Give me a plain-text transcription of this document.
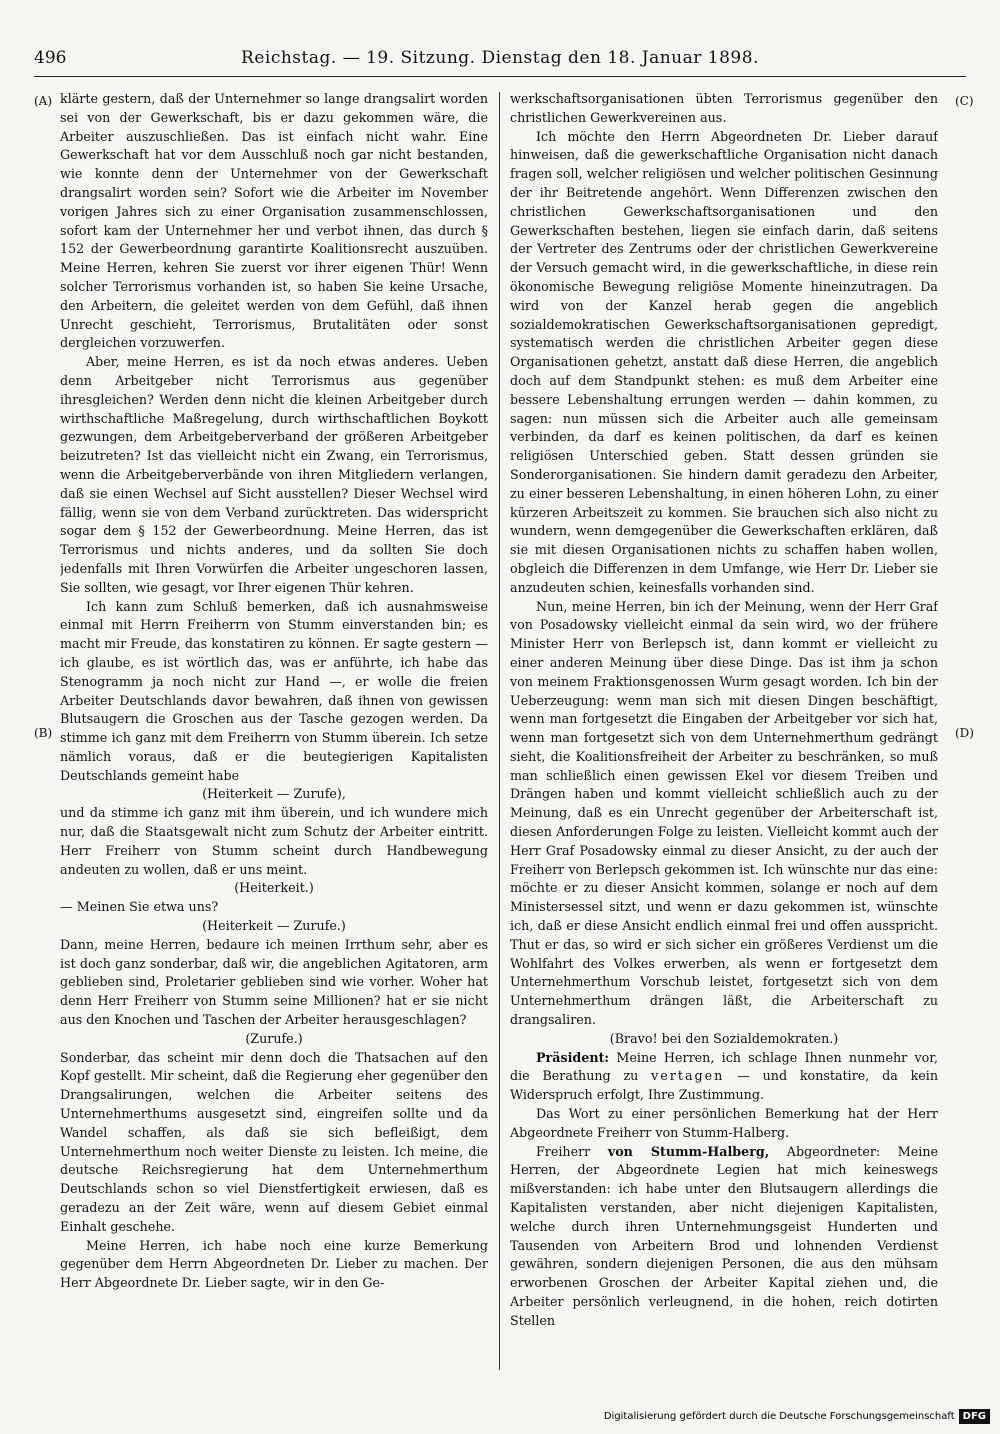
496	Reichstag. — 19. Sitzung. Dienstag den 18. Januar 1898.
(A)
(B)
(C)
(D)

klärte gestern, daß der Unternehmer so lange drangsalirt worden sei von der Gewerkschaft, bis er dazu gekommen wäre, die Arbeiter auszuschließen. Das ist einfach nicht wahr. Eine Gewerkschaft hat vor dem Ausschluß noch gar nicht bestanden, wie konnte denn der Unternehmer von der Gewerkschaft drangsalirt worden sein? Sofort wie die Arbeiter im November vorigen Jahres sich zu einer Organisation zusammenschlossen, sofort kam der Unternehmer her und verbot ihnen, das durch § 152 der Gewerbeordnung garantirte Koalitionsrecht auszuüben. Meine Herren, kehren Sie zuerst vor ihrer eigenen Thür! Wenn solcher Terrorismus vorhanden ist, so haben Sie keine Ursache, den Arbeitern, die geleitet werden von dem Gefühl, daß ihnen Unrecht geschieht, Terrorismus, Brutalitäten oder sonst dergleichen vorzuwerfen.

Aber, meine Herren, es ist da noch etwas anderes. Ueben denn Arbeitgeber nicht Terrorismus aus gegenüber ihresgleichen? Werden denn nicht die kleinen Arbeitgeber durch wirthschaftliche Maßregelung, durch wirthschaftlichen Boykott gezwungen, dem Arbeitgeberverband der größeren Arbeitgeber beizutreten? Ist das vielleicht nicht ein Zwang, ein Terrorismus, wenn die Arbeitgeberverbände von ihren Mitgliedern verlangen, daß sie einen Wechsel auf Sicht ausstellen? Dieser Wechsel wird fällig, wenn sie von dem Verband zurücktreten. Das widerspricht sogar dem § 152 der Gewerbeordnung. Meine Herren, das ist Terrorismus und nichts anderes, und da sollten Sie doch jedenfalls mit Ihren Vorwürfen die Arbeiter ungeschoren lassen, Sie sollten, wie gesagt, vor Ihrer eigenen Thür kehren.

Ich kann zum Schluß bemerken, daß ich ausnahmsweise einmal mit Herrn Freiherrn von Stumm einverstanden bin; es macht mir Freude, das konstatiren zu können. Er sagte gestern — ich glaube, es ist wörtlich das, was er anführte, ich habe das Stenogramm ja noch nicht zur Hand —, er wolle die freien Arbeiter Deutschlands davor bewahren, daß ihnen von gewissen Blutsaugern die Groschen aus der Tasche gezogen werden. Da stimme ich ganz mit dem Freiherrn von Stumm überein. Ich setze nämlich voraus, daß er die beutegierigen Kapitalisten Deutschlands gemeint habe

(Heiterkeit — Zurufe),

und da stimme ich ganz mit ihm überein, und ich wundere mich nur, daß die Staatsgewalt nicht zum Schutz der Arbeiter eintritt. Herr Freiherr von Stumm scheint durch Handbewegung andeuten zu wollen, daß er uns meint.

(Heiterkeit.)

— Meinen Sie etwa uns?

(Heiterkeit — Zurufe.)

Dann, meine Herren, bedaure ich meinen Irrthum sehr, aber es ist doch ganz sonderbar, daß wir, die angeblichen Agitatoren, arm geblieben sind, Proletarier geblieben sind wie vorher. Woher hat denn Herr Freiherr von Stumm seine Millionen? hat er sie nicht aus den Knochen und Taschen der Arbeiter herausgeschlagen?

(Zurufe.)

Sonderbar, das scheint mir denn doch die Thatsachen auf den Kopf gestellt. Mir scheint, daß die Regierung eher gegenüber den Drangsalirungen, welchen die Arbeiter seitens des Unternehmerthums ausgesetzt sind, eingreifen sollte und da Wandel schaffen, als daß sie sich befleißigt, dem Unternehmerthum noch weiter Dienste zu leisten. Ich meine, die deutsche Reichsregierung hat dem Unternehmerthum Deutschlands schon so viel Dienstfertigkeit erwiesen, daß es geradezu an der Zeit wäre, wenn auf diesem Gebiet einmal Einhalt geschehe.

Meine Herren, ich habe noch eine kurze Bemerkung gegenüber dem Herrn Abgeordneten Dr. Lieber zu machen. Der Herr Abgeordnete Dr. Lieber sagte, wir in den Ge-

werkschaftsorganisationen übten Terrorismus gegenüber den christlichen Gewerkvereinen aus.

Ich möchte den Herrn Abgeordneten Dr. Lieber darauf hinweisen, daß die gewerkschaftliche Organisation nicht danach fragen soll, welcher religiösen und welcher politischen Gesinnung der ihr Beitretende angehört. Wenn Differenzen zwischen den christlichen Gewerkschaftsorganisationen und den Gewerkschaften bestehen, liegen sie einfach darin, daß seitens der Vertreter des Zentrums oder der christlichen Gewerkvereine der Versuch gemacht wird, in die gewerkschaftliche, in diese rein ökonomische Bewegung religiöse Momente hineinzutragen. Da wird von der Kanzel herab gegen die angeblich sozialdemokratischen Gewerkschaftsorganisationen gepredigt, systematisch werden die christlichen Arbeiter gegen diese Organisationen gehetzt, anstatt daß diese Herren, die angeblich doch auf dem Standpunkt stehen: es muß dem Arbeiter eine bessere Lebenshaltung errungen werden — dahin kommen, zu sagen: nun müssen sich die Arbeiter auch alle gemeinsam verbinden, da darf es keinen politischen, da darf es keinen religiösen Unterschied geben. Statt dessen gründen sie Sonderorganisationen. Sie hindern damit geradezu den Arbeiter, zu einer besseren Lebenshaltung, in einen höheren Lohn, zu einer kürzeren Arbeitszeit zu kommen. Sie brauchen sich also nicht zu wundern, wenn demgegenüber die Gewerkschaften erklären, daß sie mit diesen Organisationen nichts zu schaffen haben wollen, obgleich die Differenzen in dem Umfange, wie Herr Dr. Lieber sie anzudeuten schien, keinesfalls vorhanden sind.

Nun, meine Herren, bin ich der Meinung, wenn der Herr Graf von Posadowsky vielleicht einmal da sein wird, wo der frühere Minister Herr von Berlepsch ist, dann kommt er vielleicht zu einer anderen Meinung über diese Dinge. Das ist ihm ja schon von meinem Fraktionsgenossen Wurm gesagt worden. Ich bin der Ueberzeugung: wenn man sich mit diesen Dingen beschäftigt, wenn man fortgesetzt die Eingaben der Arbeitgeber vor sich hat, wenn man fortgesetzt sich von dem Unternehmerthum gedrängt sieht, die Koalitionsfreiheit der Arbeiter zu beschränken, so muß man schließlich einen gewissen Ekel vor diesem Treiben und Drängen haben und kommt vielleicht schließlich auch zu der Meinung, daß es ein Unrecht gegenüber der Arbeiterschaft ist, diesen Anforderungen Folge zu leisten. Vielleicht kommt auch der Herr Graf Posadowsky einmal zu dieser Ansicht, zu der auch der Freiherr von Berlepsch gekommen ist. Ich wünschte nur das eine: möchte er zu dieser Ansicht kommen, solange er noch auf dem Ministersessel sitzt, und wenn er dazu gekommen ist, wünschte ich, daß er diese Ansicht endlich einmal frei und offen ausspricht. Thut er das, so wird er sich sicher ein größeres Verdienst um die Wohlfahrt des Volkes erwerben, als wenn er fortgesetzt dem Unternehmerthum Vorschub leistet, fortgesetzt sich von dem Unternehmerthum drängen läßt, die Arbeiterschaft zu drangsaliren.

(Bravo! bei den Sozialdemokraten.)

Präsident: Meine Herren, ich schlage Ihnen nunmehr vor, die Berathung zu vertagen — und konstatire, da kein Widerspruch erfolgt, Ihre Zustimmung.

Das Wort zu einer persönlichen Bemerkung hat der Herr Abgeordnete Freiherr von Stumm-Halberg.

Freiherr von Stumm-Halberg, Abgeordneter: Meine Herren, der Abgeordnete Legien hat mich keineswegs mißverstanden: ich habe unter den Blutsaugern allerdings die Kapitalisten verstanden, aber nicht diejenigen Kapitalisten, welche durch ihren Unternehmungsgeist Hunderten und Tausenden von Arbeitern Brod und lohnenden Verdienst gewähren, sondern diejenigen Personen, die aus den mühsam erworbenen Groschen der Arbeiter Kapital ziehen und, die Arbeiter persönlich verleugnend, in die hohen, reich dotirten Stellen

Digitalisierung gefördert durch die Deutsche Forschungsgemeinschaft DFG
